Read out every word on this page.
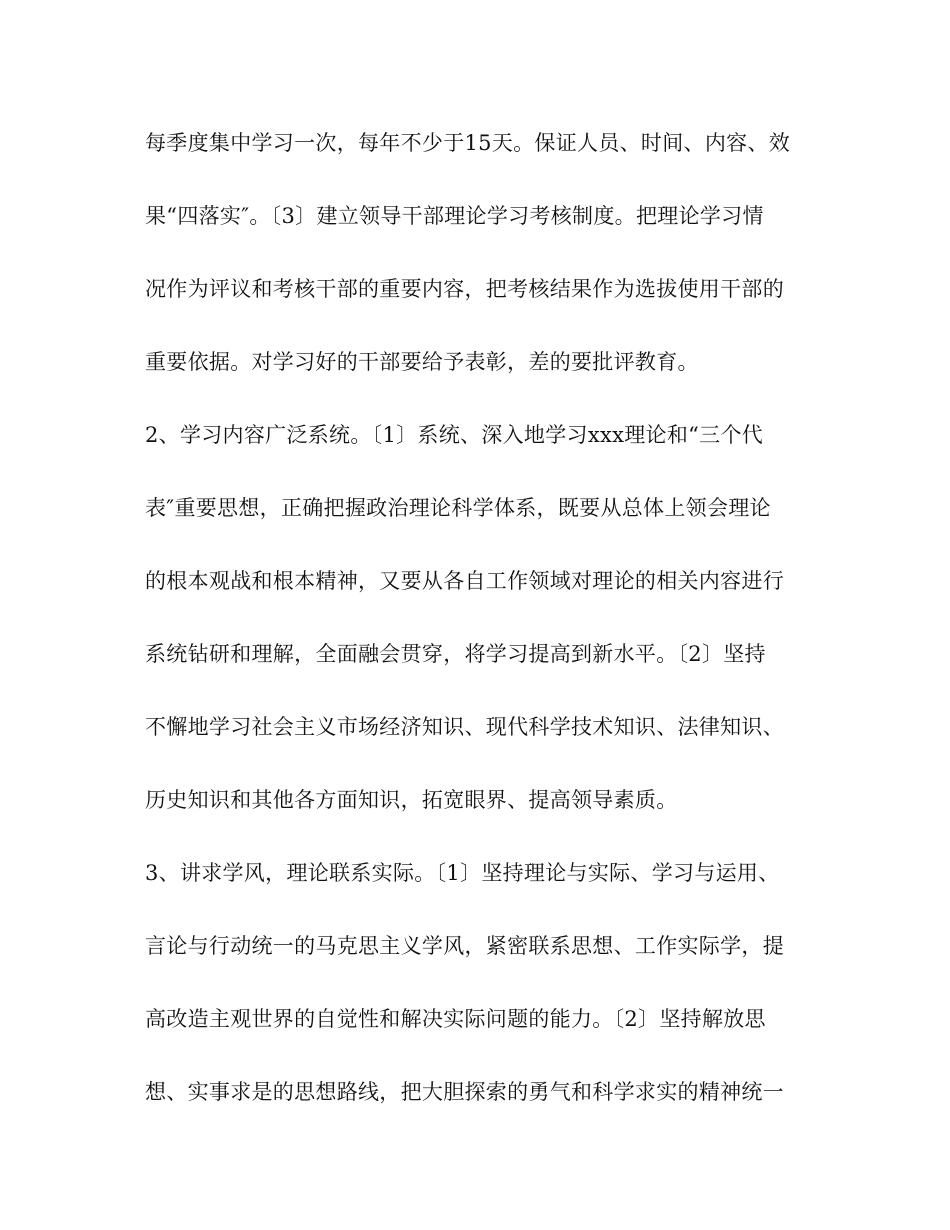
每季度集中学习一次，每年不少于15天。保证人员、时间、内容、效
果“四落实″。〔3〕建立领导干部理论学习考核制度。把理论学习情
况作为评议和考核干部的重要内容，把考核结果作为选拔使用干部的
重要依据。对学习好的干部要给予表彰，差的要批评教育。
2、学习内容广泛系统。〔1〕系统、深入地学习xxx理论和“三个代
表″重要思想，正确把握政治理论科学体系，既要从总体上领会理论
的根本观战和根本精神，又要从各自工作领域对理论的相关内容进行
系统钻研和理解，全面融会贯穿，将学习提高到新水平。〔2〕坚持
不懈地学习社会主义市场经济知识、现代科学技术知识、法律知识、
历史知识和其他各方面知识，拓宽眼界、提高领导素质。
3、讲求学风，理论联系实际。〔1〕坚持理论与实际、学习与运用、
言论与行动统一的马克思主义学风，紧密联系思想、工作实际学，提
高改造主观世界的自觉性和解决实际问题的能力。〔2〕坚持解放思
想、实事求是的思想路线，把大胆探索的勇气和科学求实的精神统一
